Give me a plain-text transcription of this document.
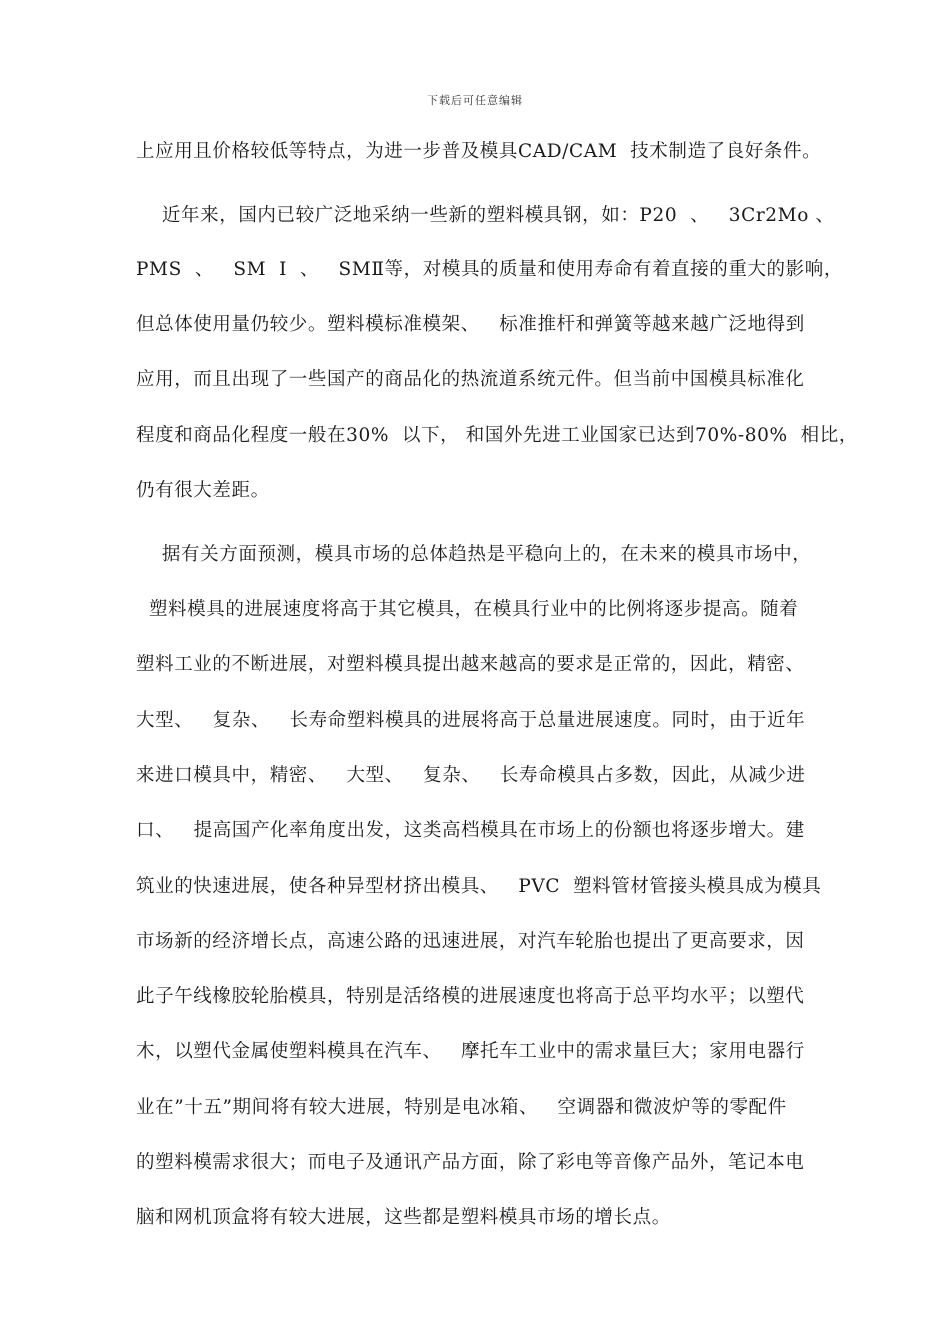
下载后可任意编辑
上应用且价格较低等特点，为进一步普及模具CAD/CAM  技术制造了良好条件。
近年来，国内已较广泛地采纳一些新的塑料模具钢，如：P20  、   3Cr2Mo 、
PMS  、   SM  Ⅰ  、   SMⅡ等，对模具的质量和使用寿命有着直接的重大的影响，
但总体使用量仍较少。塑料模标准模架、   标准推杆和弹簧等越来越广泛地得到
应用，而且出现了一些国产的商品化的热流道系统元件。但当前中国模具标准化
程度和商品化程度一般在30%  以下， 和国外先进工业国家已达到70%-80%  相比，
仍有很大差距。
据有关方面预测，模具市场的总体趋热是平稳向上的，在未来的模具市场中，
塑料模具的进展速度将高于其它模具，在模具行业中的比例将逐步提高。随着
塑料工业的不断进展，对塑料模具提出越来越高的要求是正常的，因此，精密、
大型、   复杂、   长寿命塑料模具的进展将高于总量进展速度。同时，由于近年
来进口模具中，精密、   大型、   复杂、   长寿命模具占多数，因此，从减少进
口、   提高国产化率角度出发，这类高档模具在市场上的份额也将逐步增大。建
筑业的快速进展，使各种异型材挤出模具、   PVC  塑料管材管接头模具成为模具
市场新的经济增长点，高速公路的迅速进展，对汽车轮胎也提出了更高要求，因
此子午线橡胶轮胎模具，特别是活络模的进展速度也将高于总平均水平；以塑代
木，以塑代金属使塑料模具在汽车、   摩托车工业中的需求量巨大；家用电器行
业在”十五”期间将有较大进展，特别是电冰箱、   空调器和微波炉等的零配件
的塑料模需求很大；而电子及通讯产品方面，除了彩电等音像产品外，笔记本电
脑和网机顶盒将有较大进展，这些都是塑料模具市场的增长点。
